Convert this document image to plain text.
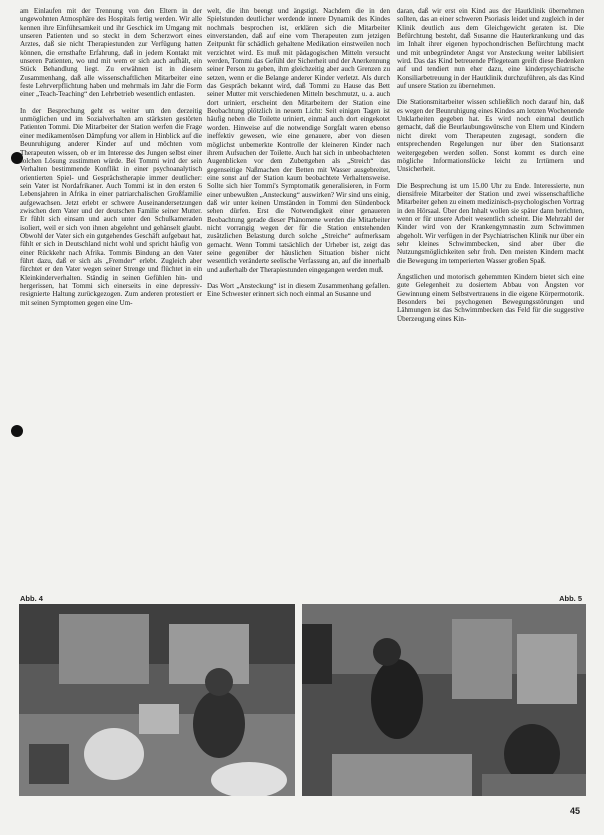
am Einlaufen mit der Trennung von den Eltern in der ungewohnten Atmosphäre des Hospitals fertig werden. Wir alle kennen ihre Einführsamkeit und ihr Geschick im Umgang mit unseren Patienten und so steckt in dem Scherzwort eines Arztes, daß sie nicht Therapiestunden zur Verfügung hatten können, die ernsthafte Erfahrung, daß in jedem Kontakt mit unseren Patienten, wo und mit wem er sich auch aufhält, ein Stück Behandlung liegt. Zu erwähnen ist in diesem Zusammenhang, daß alle wissenschaftlichen Mitarbeiter eine feste Lehrverpflichtung haben und mehrmals im Jahr die Form einer „Teach-Teaching“ den Lehrbetrieb wesentlich entlasten.

In der Besprechung geht es weiter um den derzeitig unmöglichen und im Sozialverhalten am stärksten gestörten Patienten Tommi. Die Mitarbeiter der Station werfen die Frage einer medikamentösen Dämpfung vor allem in Hinblick auf die Beunruhigung anderer Kinder auf und möchten vom Therapeuten wissen, ob er im Interesse des Jungen selbst einer solchen Lösung zustimmen würde. Bei Tommi wird der sein Verhalten bestimmende Konflikt in einer psychoanalytisch orientierten Spiel- und Gesprächstherapie immer deutlicher: sein Vater ist Nordafrikaner. Auch Tommi ist in den ersten 6 Lebensjahren in Afrika in einer patriarchalischen Großfamilie aufgewachsen. Jetzt erlebt er schwere Auseinandersetzungen zwischen dem Vater und der deutschen Familie seiner Mutter. Er fühlt sich einsam und auch unter den Schulkameraden isoliert, weil er sich von ihnen abgelehnt und gehänselt glaubt. Obwohl der Vater sich ein gutgehendes Geschäft aufgebaut hat, fühlt er sich in Deutschland nicht wohl und spricht häufig von einer Rückkehr nach Afrika. Tommis Bindung an den Vater führt dazu, daß er sich als „Fremder“ erlebt. Zugleich aber fürchtet er den Vater wegen seiner Strenge und flüchtet in ein Kleinkinderverhalten. Ständig in seinen Gefühlen hin- und hergerissen, hat Tommi sich einerseits in eine depressiv-resignierte Haltung zurückgezogen. Zum anderen protestiert er mit seinen Symptomen gegen eine Um-

welt, die ihn beengt und ängstigt. Nachdem die in den Spielstunden deutlicher werdende innere Dynamik des Kindes nochmals besprochen ist, erklären sich die Mitarbeiter einverstanden, daß auf eine vom Therapeuten zum jetzigen Zeitpunkt für schädlich gehaltene Medikation einstweilen noch verzichtet wird. Es muß mit pädagogischen Mitteln versucht werden, Tommi das Gefühl der Sicherheit und der Anerkennung seiner Person zu geben, ihm gleichzeitig aber auch Grenzen zu setzen, wenn er die Belange anderer Kinder verletzt. Als durch das Gespräch bekannt wird, daß Tommi zu Hause das Bett seiner Mutter mit verschiedenen Mitteln beschmutzt, u. a. auch dort uriniert, erscheint den Mitarbeitern der Station eine Beobachtung plötzlich in neuem Licht: Seit einigen Tagen ist häufig neben die Toilette uriniert, einmal auch dort eingekotet worden. Hinweise auf die notwendige Sorgfalt waren ebenso ineffektiv gewesen, wie eine genauere, aber von diesen möglichst unbemerkte Kontrolle der kleineren Kinder nach ihrem Aufsuchen der Toilette. Auch hat sich in unbeobachteten Augenblicken vor dem Zubettgehen als „Streich“ das gegenseitige Naßmachen der Betten mit Wasser ausgebreitet, eine sonst auf der Station kaum beobachtete Verhaltensweise. Sollte sich hier Tommi's Symptomatik generalisieren, in Form einer unbewußten „Ansteckung“ auswirken? Wir sind uns einig, daß wir unter keinen Umständen in Tommi den Sündenbock sehen dürfen. Erst die Notwendigkeit einer genaueren Beobachtung gerade dieser Phänomene werden die Mitarbeiter nicht vorrangig wegen der für die Station entstehenden zusätzlichen Belastung durch solche „Streiche“ aufmerksam gemacht. Wenn Tommi tatsächlich der Urheber ist, zeigt das seine gegenüber der häuslichen Situation bisher nicht wesentlich veränderte seelische Verfassung an, auf die innerhalb und außerhalb der Therapiestunden eingegangen werden muß.

Das Wort „Ansteckung“ ist in diesem Zusammenhang gefallen. Eine Schwester erinnert sich noch einmal an Susanne und

daran, daß wir erst ein Kind aus der Hautklinik übernehmen sollten, das an einer schweren Psoriasis leidet und zugleich in der Klinik deutlich aus dem Gleichgewicht geraten ist. Die Befürchtung besteht, daß Susanne die Hauterkrankung und das im Inhalt ihrer eigenen hypochondrischen Befürchtung macht und mit unbegründeter Angst vor Ansteckung weiter labilisiert wird. Das das Kind betreuende Pflegeteam greift diese Bedenken auf und tendiert nun eher dazu, eine kinderpsychiatrische Konsiliarbetreuung in der Hautklinik durchzuführen, als das Kind auf unsere Station zu übernehmen.

Die Stationsmitarbeiter wissen schließlich noch darauf hin, daß es wegen der Beunruhigung eines Kindes am letzten Wochenende Unklarheiten gegeben hat. Es wird noch einmal deutlich gemacht, daß die Beurlaubungswünsche von Eltern und Kindern nicht direkt vom Therapeuten zugesagt, sondern die entsprechenden Regelungen nur über den Stationsarzt weitergegeben werden sollen. Sonst kommt es durch eine mögliche Informationslücke leicht zu Irrtümern und Unsicherheit.

Die Besprechung ist um 15.00 Uhr zu Ende. Interessierte, nun diensifreie Mitarbeiter der Station und zwei wissenschaftliche Mitarbeiter gehen zu einem medizinisch-psychologischen Vortrag in den Hörsaal. Über den Inhalt wollen sie später dann berichten, wenn er für unsere Arbeit wesentlich scheint. Die Mehrzahl der Kinder wird von der Krankengymnastin zum Schwimmen abgeholt. Wir verfügen in der Psychiatrischen Klinik nur über ein sehr kleines Schwimmbecken, sind aber über die Nutzungsmöglichkeiten sehr froh. Den meisten Kindern macht die Bewegung im temperierten Wasser großen Spaß.

Ängstlichen und motorisch gehemmten Kindern bietet sich eine gute Gelegenheit zu dosiertem Abbau von Ängsten vor Gewinnung einem Selbstvertrauens in die eigene Körpermotorik. Besonders bei psychogenen Bewegungsstörungen und Lähmungen ist das Schwimmbecken das Feld für die suggestive Überzeugung eines Kin-

Abb. 4	Abb. 5
45
